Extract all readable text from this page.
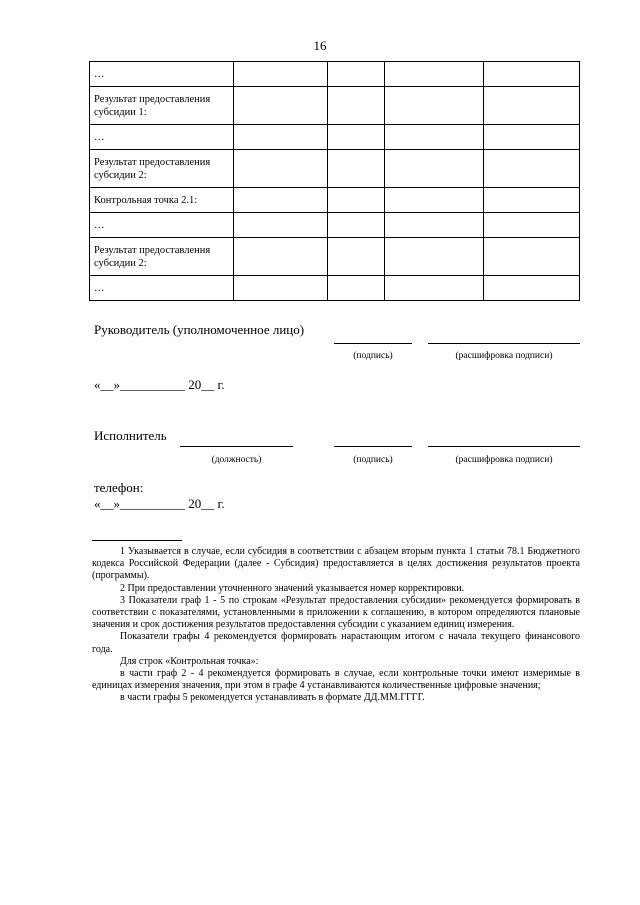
16
…				
Результат предоставления субсидии 1:				
…				
Результат предоставления субсидии 2:				
Контрольная точка 2.1:				
…				
Результат предоставлення субсидии 2:				
…				
Руководитель (уполномоченное лицо)
(подпись)	(расшифровка подписи)
«__»__________ 20__ г.
Исполнитель
(должность)	(подпись)	(расшифровка подписи)
телефон:
«__»__________ 20__ г.
1 Указывается в случае, если субсидия в соответствии с абзацем вторым пункта 1 статьи 78.1 Бюджетного кодекса Российской Федерации (далее - Субсидия) предоставляется в целях достижения результатов проекта (программы).
2 При предоставлении уточненного значений указывается номер корректировки.
3 Показатели граф 1 - 5 по строкам «Результат предоставления субсидии» рекомендуется формировать в соответствии с показателями, установленными в приложении к соглашению, в котором определяются плановые значения и срок достижения результатов предоставлення субсидии с указанием единиц измерения.
Показатели графы 4 рекомендуется формировать нарастающим итогом с начала текущего финансового года.
Для строк «Контрольная точка»:
в части граф 2 - 4 рекомендуется формировать в случае, если контрольные точки имеют измеримые в единицах измерения значения, при этом в графе 4 устанавливаются количественные цифровые значения;
в части графы 5 рекомендуется устанавливать в формате ДД.ММ.ГГГГ.
